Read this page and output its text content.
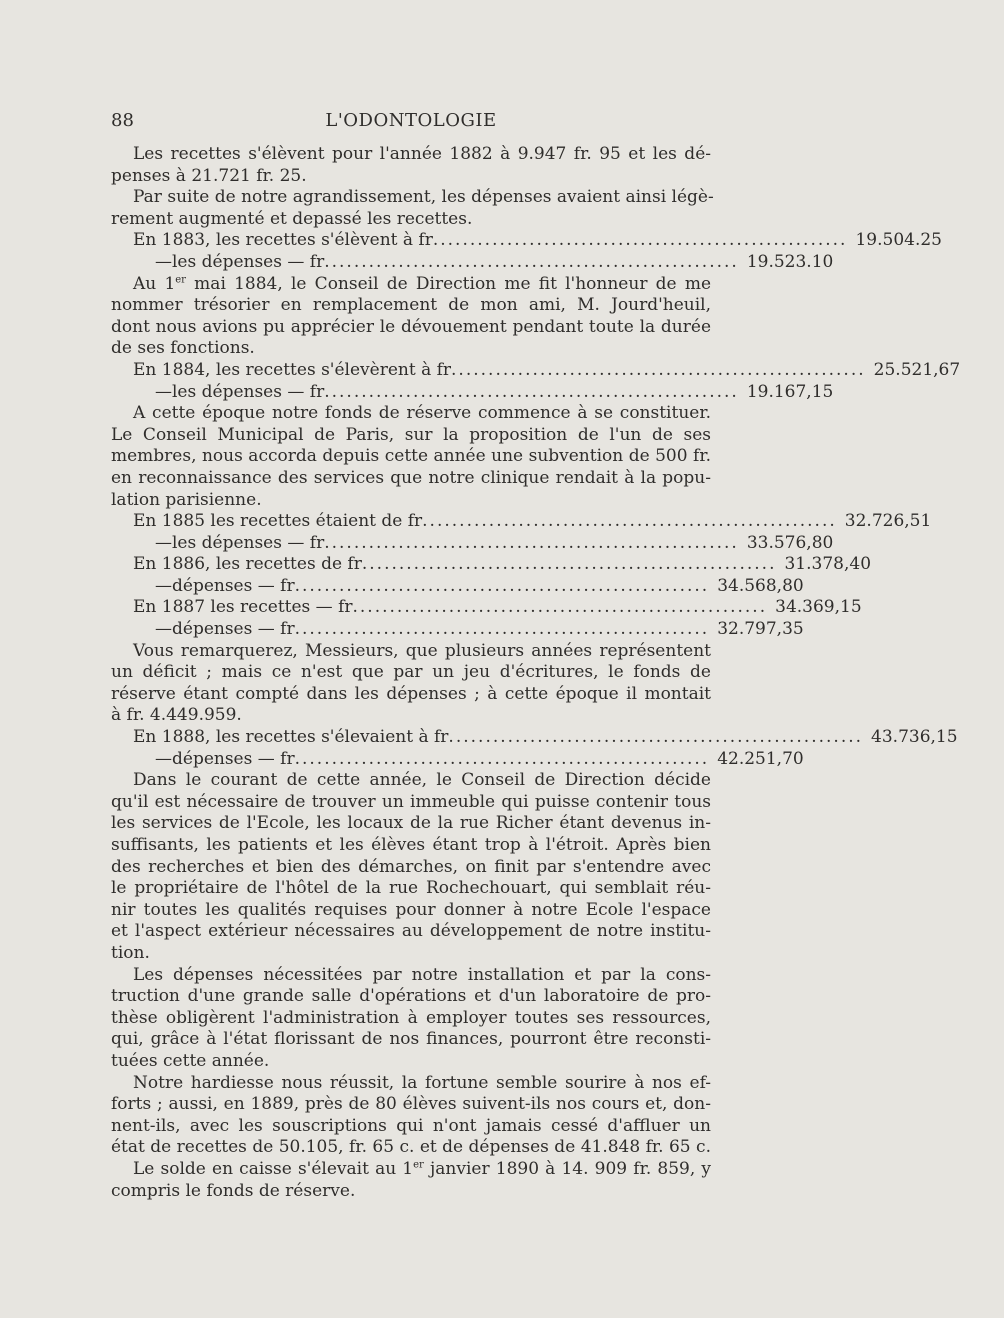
88	L'ODONTOLOGIE
Les recettes s'élèvent pour l'année 1882 à 9.947 fr. 95 et les dé-
penses à 21.721 fr. 25.
Par suite de notre agrandissement, les dépenses avaient ainsi légè-
rement augmenté et depassé les recettes.
En 1883, les recettes s'élèvent à fr ........................................................ 19.504.25
— les dépenses — fr ........................................................ 19.523.10
Au 1er mai 1884, le Conseil de Direction me fit l'honneur de me
nommer trésorier en remplacement de mon ami, M. Jourd'heuil,
dont nous avions pu apprécier le dévouement pendant toute la durée
de ses fonctions.
En 1884, les recettes s'élevèrent à fr ........................................................ 25.521,67
— les dépenses — fr ........................................................ 19.167,15
A cette époque notre fonds de réserve commence à se constituer.
Le Conseil Municipal de Paris, sur la proposition de l'un de ses
membres, nous accorda depuis cette année une subvention de 500 fr.
en reconnaissance des services que notre clinique rendait à la popu-
lation parisienne.
En 1885 les recettes étaient de fr ........................................................ 32.726,51
— les dépenses — fr ........................................................ 33.576,80
En 1886, les recettes de fr ........................................................ 31.378,40
— dépenses — fr ........................................................ 34.568,80
En 1887 les recettes — fr ........................................................ 34.369,15
— dépenses — fr ........................................................ 32.797,35
Vous remarquerez, Messieurs, que plusieurs années représentent
un déficit ; mais ce n'est que par un jeu d'écritures, le fonds de
réserve étant compté dans les dépenses ; à cette époque il montait
à fr. 4.449.959.
En 1888, les recettes s'élevaient à fr ........................................................ 43.736,15
— dépenses — fr ........................................................ 42.251,70
Dans le courant de cette année, le Conseil de Direction décide
qu'il est nécessaire de trouver un immeuble qui puisse contenir tous
les services de l'Ecole, les locaux de la rue Richer étant devenus in-
suffisants, les patients et les élèves étant trop à l'étroit. Après bien
des recherches et bien des démarches, on finit par s'entendre avec
le propriétaire de l'hôtel de la rue Rochechouart, qui semblait réu-
nir toutes les qualités requises pour donner à notre Ecole l'espace
et l'aspect extérieur nécessaires au développement de notre institu-
tion.
Les dépenses nécessitées par notre installation et par la cons-
truction d'une grande salle d'opérations et d'un laboratoire de pro-
thèse obligèrent l'administration à employer toutes ses ressources,
qui, grâce à l'état florissant de nos finances, pourront être reconsti-
tuées cette année.
Notre hardiesse nous réussit, la fortune semble sourire à nos ef-
forts ; aussi, en 1889, près de 80 élèves suivent-ils nos cours et, don-
nent-ils, avec les souscriptions qui n'ont jamais cessé d'affluer un
état de recettes de 50.105, fr. 65 c. et de dépenses de 41.848 fr. 65 c.
Le solde en caisse s'élevait au 1er janvier 1890 à 14. 909 fr. 859, y
compris le fonds de réserve.
